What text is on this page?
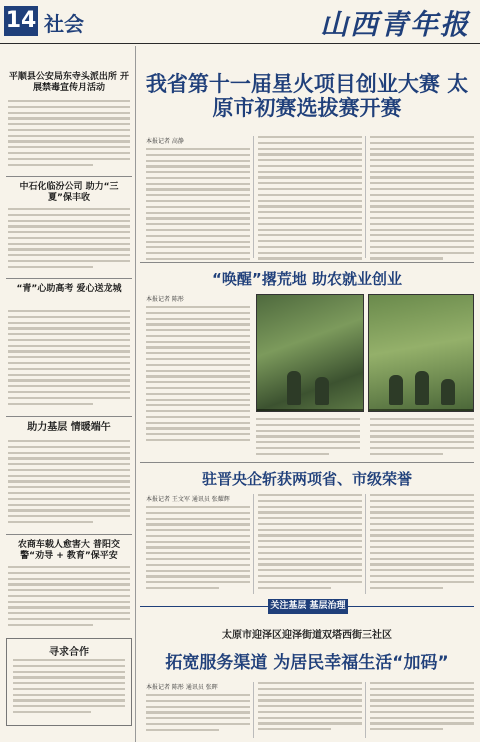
14 社会	山西青年报
平顺县公安局东寺头派出所 开展禁毒宣传月活动
中石化临汾公司 助力“三夏”保丰收
“青”心助高考 爱心送龙城
助力基层 情暖端午
农商车载人愈害大 普阳交警“劝导 + 教育”保平安
寻求合作
我省第十一届星火项目创业大赛 太原市初赛选拔赛开赛
本报记者 高静
“唤醒”撂荒地 助农就业创业
本报记者 陈彤
驻晋央企斩获两项省、市级荣誉
本报记者 王文军 通讯员 张耀辉
关注基层 基层治理
太原市迎泽区迎泽街道双塔西街三社区
拓宽服务渠道 为居民幸福生活“加码”
本报记者 陈彤 通讯员 张晖
